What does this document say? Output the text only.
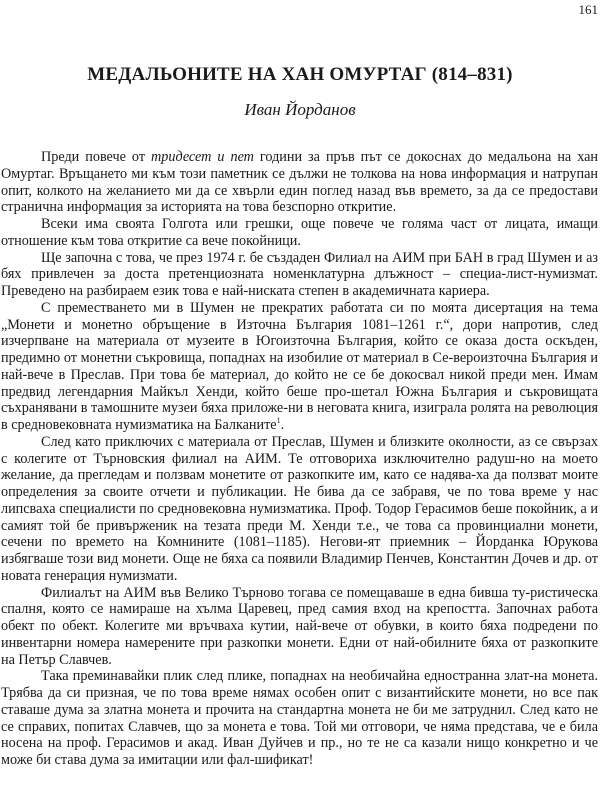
161
МЕДАЛЬОНИТЕ НА ХАН ОМУРТАГ (814–831)
Иван Йорданов

Преди повече от тридесет и пет години за пръв път се докоснах до медальона на хан Омуртаг. Връщането ми към този паметник се дължи не толкова на нова информация и натрупан опит, колкото на желанието ми да се хвърли един поглед назад във времето, за да се предостави странична информация за историята на това безспорно откритие.

Всеки има своята Голгота или грешки, още повече че голяма част от лицата, имащи отношение към това откритие са вече покойници.

Ще започна с това, че през 1974 г. бе създаден Филиал на АИМ при БАН в град Шумен и аз бях привлечен за доста претенциозната номенклатурна длъжност – специа-лист-нумизмат. Преведено на разбираем език това е най-ниската степен в академичната кариера.

С преместването ми в Шумен не прекратих работата си по моята дисертация на тема „Монети и монетно обръщение в Източна България 1081–1261 г.“, дори напротив, след изчерпване на материала от музеите в Югоизточна България, който се оказа доста оскъден, предимно от монетни съкровища, попаднах на изобилие от материал в Се-вероизточна България и най-вече в Преслав. При това бе материал, до който не се бе докосвал никой преди мен. Имам предвид легендарния Майкъл Хенди, който беше про-шетал Южна България и съкровищата съхранявани в тамошните музеи бяха приложе-ни в неговата книга, изиграла ролята на революция в средновековната нумизматика на Балканите$^1$.

След като приключих с материала от Преслав, Шумен и близките околности, аз се свързах с колегите от Търновския филиал на АИМ. Те отговориха изключително радуш-но на моето желание, да прегледам и ползвам монетите от разкопките им, като се надява-ха да ползват моите определения за своите отчети и публикации. Не бива да се забравя, че по това време у нас липсваха специалисти по средновековна нумизматика. Проф. Тодор Герасимов беше покойник, а и самият той бе привърженик на тезата преди М. Хенди т.е., че това са провинциални монети, сечени по времето на Комнините (1081–1185). Негови-ят приемник – Йорданка Юрукова избягваше този вид монети. Още не бяха са появили Владимир Пенчев, Константин Дочев и др. от новата генерация нумизмати.

Филиалът на АИМ във Велико Търново тогава се помещаваше в една бивша ту-ристическа спалня, която се намираше на хълма Царевец, пред самия вход на крепостта. Започнах работа обект по обект. Колегите ми връчваха кутии, най-вече от обувки, в които бяха подредени по инвентарни номера намерените при разкопки монети. Едни от най-обилните бяха от разкопките на Петър Славчев.

Така преминавайки плик след плике, попаднах на необичайна едностранна злат-на монета. Трябва да си призная, че по това време нямах особен опит с византийските монети, но все пак ставаше дума за златна монета и прочита на стандартна монета не би ме затруднил. След като не се справих, попитах Славчев, що за монета е това. Той ми отговори, че няма представа, че е била носена на проф. Герасимов и акад. Иван Дуйчев и пр., но те не са казали нищо конкретно и че може би става дума за имитации или фал-шификат!
